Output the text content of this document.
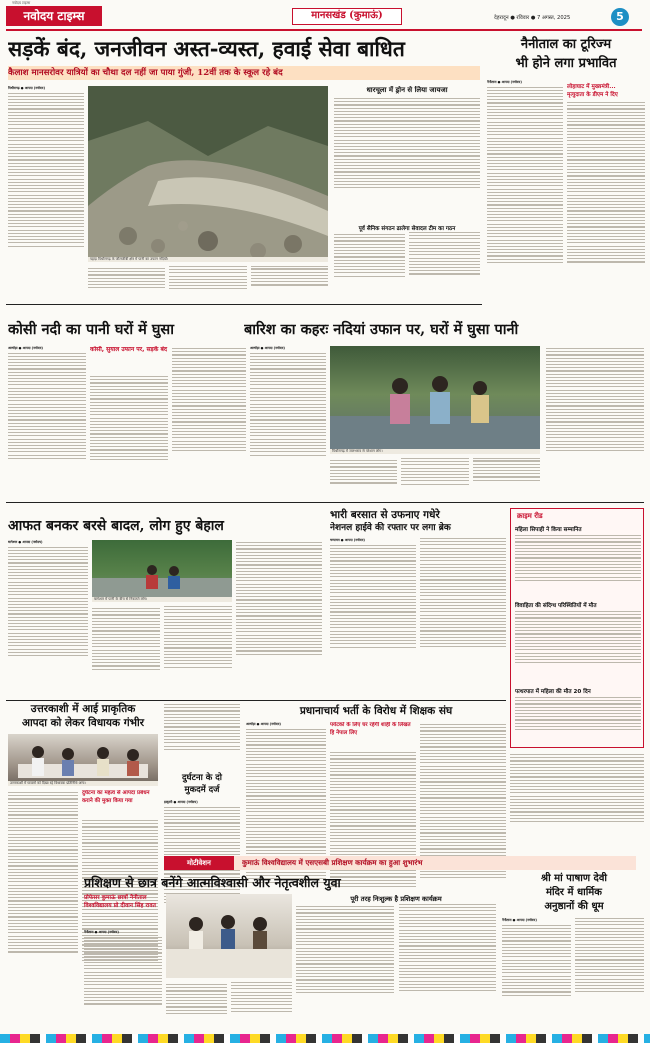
नवोदय टाइम्स
नवोदय टाइम्स	मानसखंड (कुमाऊं)	देहरादून ● रविवार ● 7 अगस्त, 2025	5
सड़कें बंद, जनजीवन अस्त-व्यस्त, हवाई सेवा बाधित
कैलाश मानसरोवर यात्रियों का चौथा दल नहीं जा पाया गुंजी, 12वीं तक के स्कूल रहे बंद
पिथौरागढ़ ● आपदा (नवोदय)
पहाड़ पिथौरागढ़ के जौलजीबी क्षेत्र में पानी का उफान नदियाँ।
धारचूला में ड्रोन से लिया जायजा
पूर्व सैनिक संगठन ढालेगा सेवादल टीम का गठन
नैनीताल का टूरिज्म
भी होने लगा प्रभावित
नैनीताल ● आपदा (नवोदय)
लोहाघाट में मुख्यमंत्री...
मृत्युदाता के डीएम ने दिए
कोसी नदी का पानी घरों में घुसा	बारिश का कहरः नदियां उफान पर, घरों में घुसा पानी
अल्मोड़ा ● आपदा (नवोदय)	कोसी, सुयाल उफान पर, सड़कें बंद	अल्मोड़ा ● आपदा (नवोदय)
पिथौरागढ़ में जलभराव से परेशान लोग।
आफत बनकर बरसे बादल, लोग हुए बेहाल
बागेश्वर ● आपदा (नवोदय)
बागेश्वर में पानी के बीच से निकलते लोग।
भारी बरसात से उफनाए गधेरे
नेशनल हाईवे की रफ्तार पर लगा ब्रेक
चम्पावत ● आपदा (नवोदय)
क्राइम रीड
महिला सिपाही ने किया सम्मानित
विवाहिता की संदिग्ध परिस्थितियों में मौत
पत्थरपात में महिला की मौत 20 दिन
उत्तरकाशी में आई प्राकृतिक
आपदा को लेकर विधायक गंभीर
उत्तरकाशी में घायलों को दिखा रहे विधायक प्रतिनिधि अन्य।
दुर्घटना का महत्व से आपदा प्रबंधन कराने की मुक्त किया गया
दुर्घटना के दो
मुकदमें दर्ज
हल्द्वानी ● आपदा (नवोदय)
प्रधानाचार्य भर्ती के विरोध में शिक्षक संघ
अल्मोड़ा ● आपदा (नवोदय)	पर्यटकों के लिए घर रहेगी शाही के लिखत हि नेपाल लिए
मोटीवेशन	कुमाऊं विश्वविद्यालय में एसएसबी प्रशिक्षण कार्यक्रम का हुआ शुभारंभ
प्रशिक्षण से छात्र बनेंगे आत्मविश्वासी और नेतृत्वशील युवा
प्रोफेसर कुमाऊं छात्रों नैनीताल विश्वविद्यालय प्रो दीवान सिंह रावत
नैनीताल ● आपदा (नवोदय)
पूरी तरह निःशुल्क है प्रशिक्षण कार्यक्रम
श्री मां पाषाण देवी
मंदिर में धार्मिक
अनुष्ठानों की धूम
नैनीताल ● आपदा (नवोदय)
